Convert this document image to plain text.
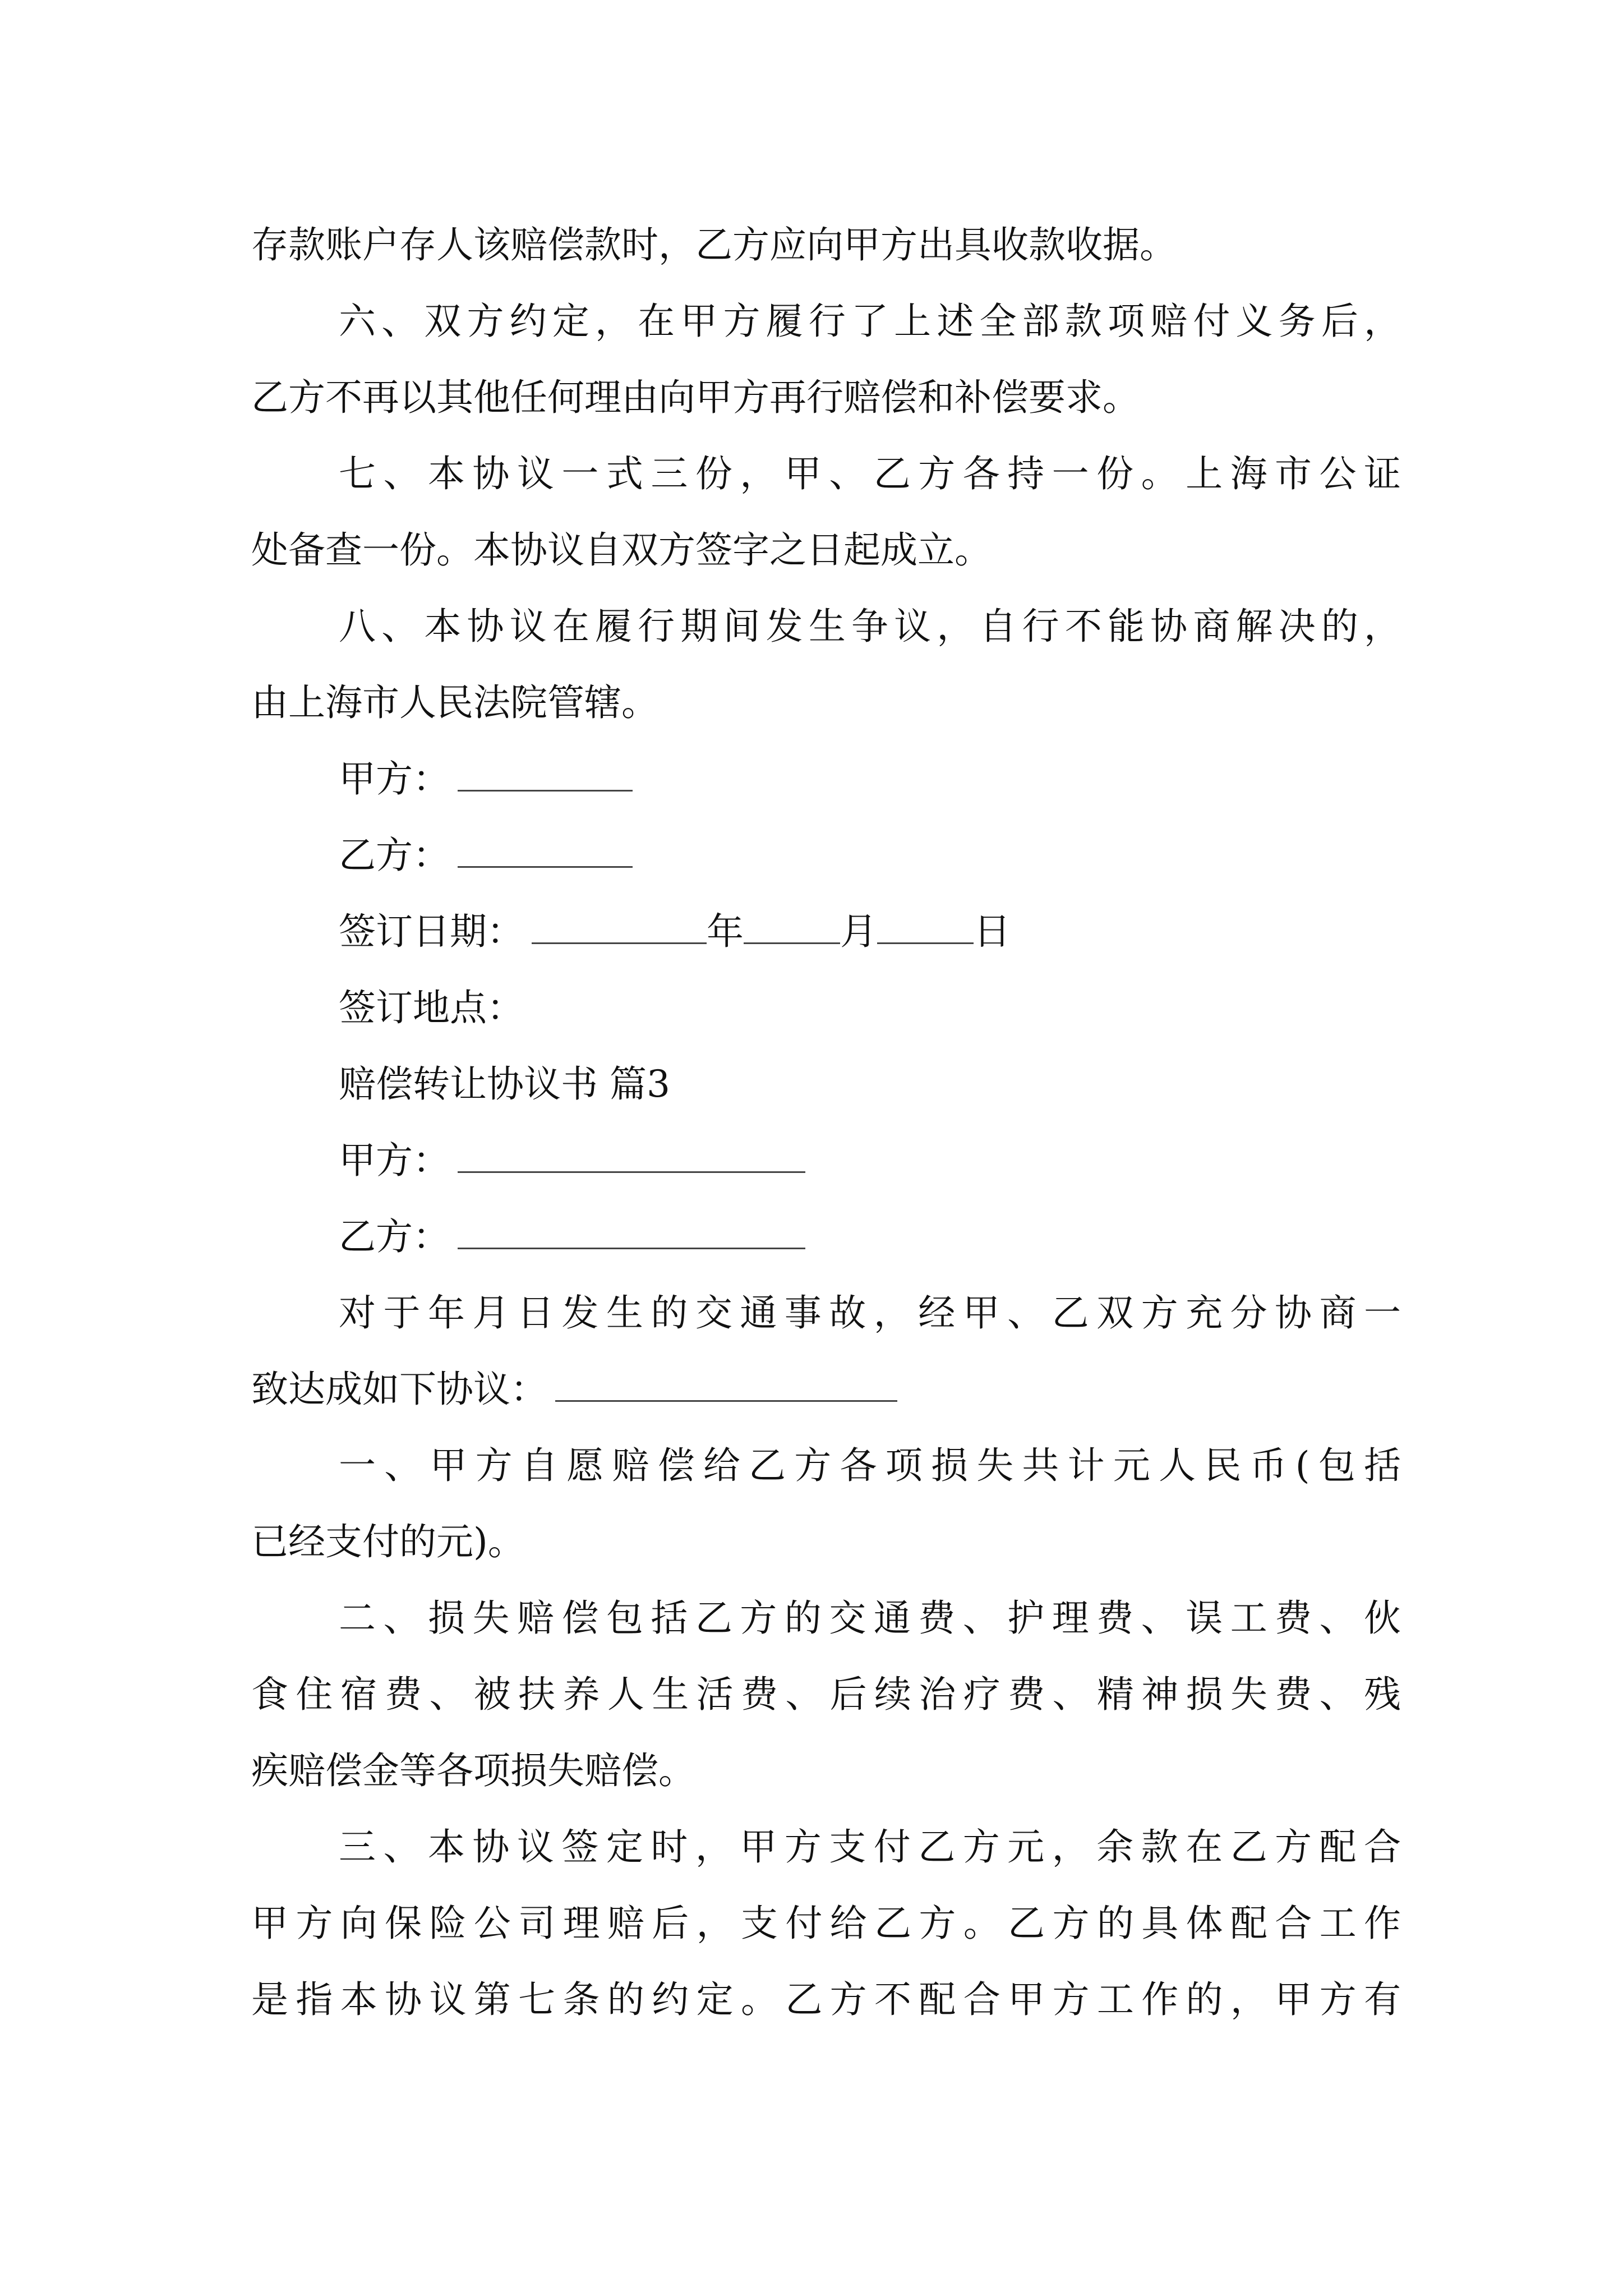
存款账户存人该赔偿款时，乙方应向甲方出具收款收据。
六、双方约定，在甲方履行了上述全部款项赔付义务后，
乙方不再以其他任何理由向甲方再行赔偿和补偿要求。
七、本协议一式三份，甲、乙方各持一份。上海市公证
处备查一份。本协议自双方签字之日起成立。
八、本协议在履行期间发生争议，自行不能协商解决的，
由上海市人民法院管辖。
甲方：
乙方：
签订日期：	年	月	日
签订地点：
赔偿转让协议书 篇3
甲方：
乙方：
对于年月日发生的交通事故，经甲、乙双方充分协商一
致达成如下协议：
一、甲方自愿赔偿给乙方各项损失共计元人民币(包括
已经支付的元)。
二、损失赔偿包括乙方的交通费、护理费、误工费、伙
食住宿费、被扶养人生活费、后续治疗费、精神损失费、残
疾赔偿金等各项损失赔偿。
三、本协议签定时，甲方支付乙方元，余款在乙方配合
甲方向保险公司理赔后，支付给乙方。乙方的具体配合工作
是指本协议第七条的约定。乙方不配合甲方工作的，甲方有
